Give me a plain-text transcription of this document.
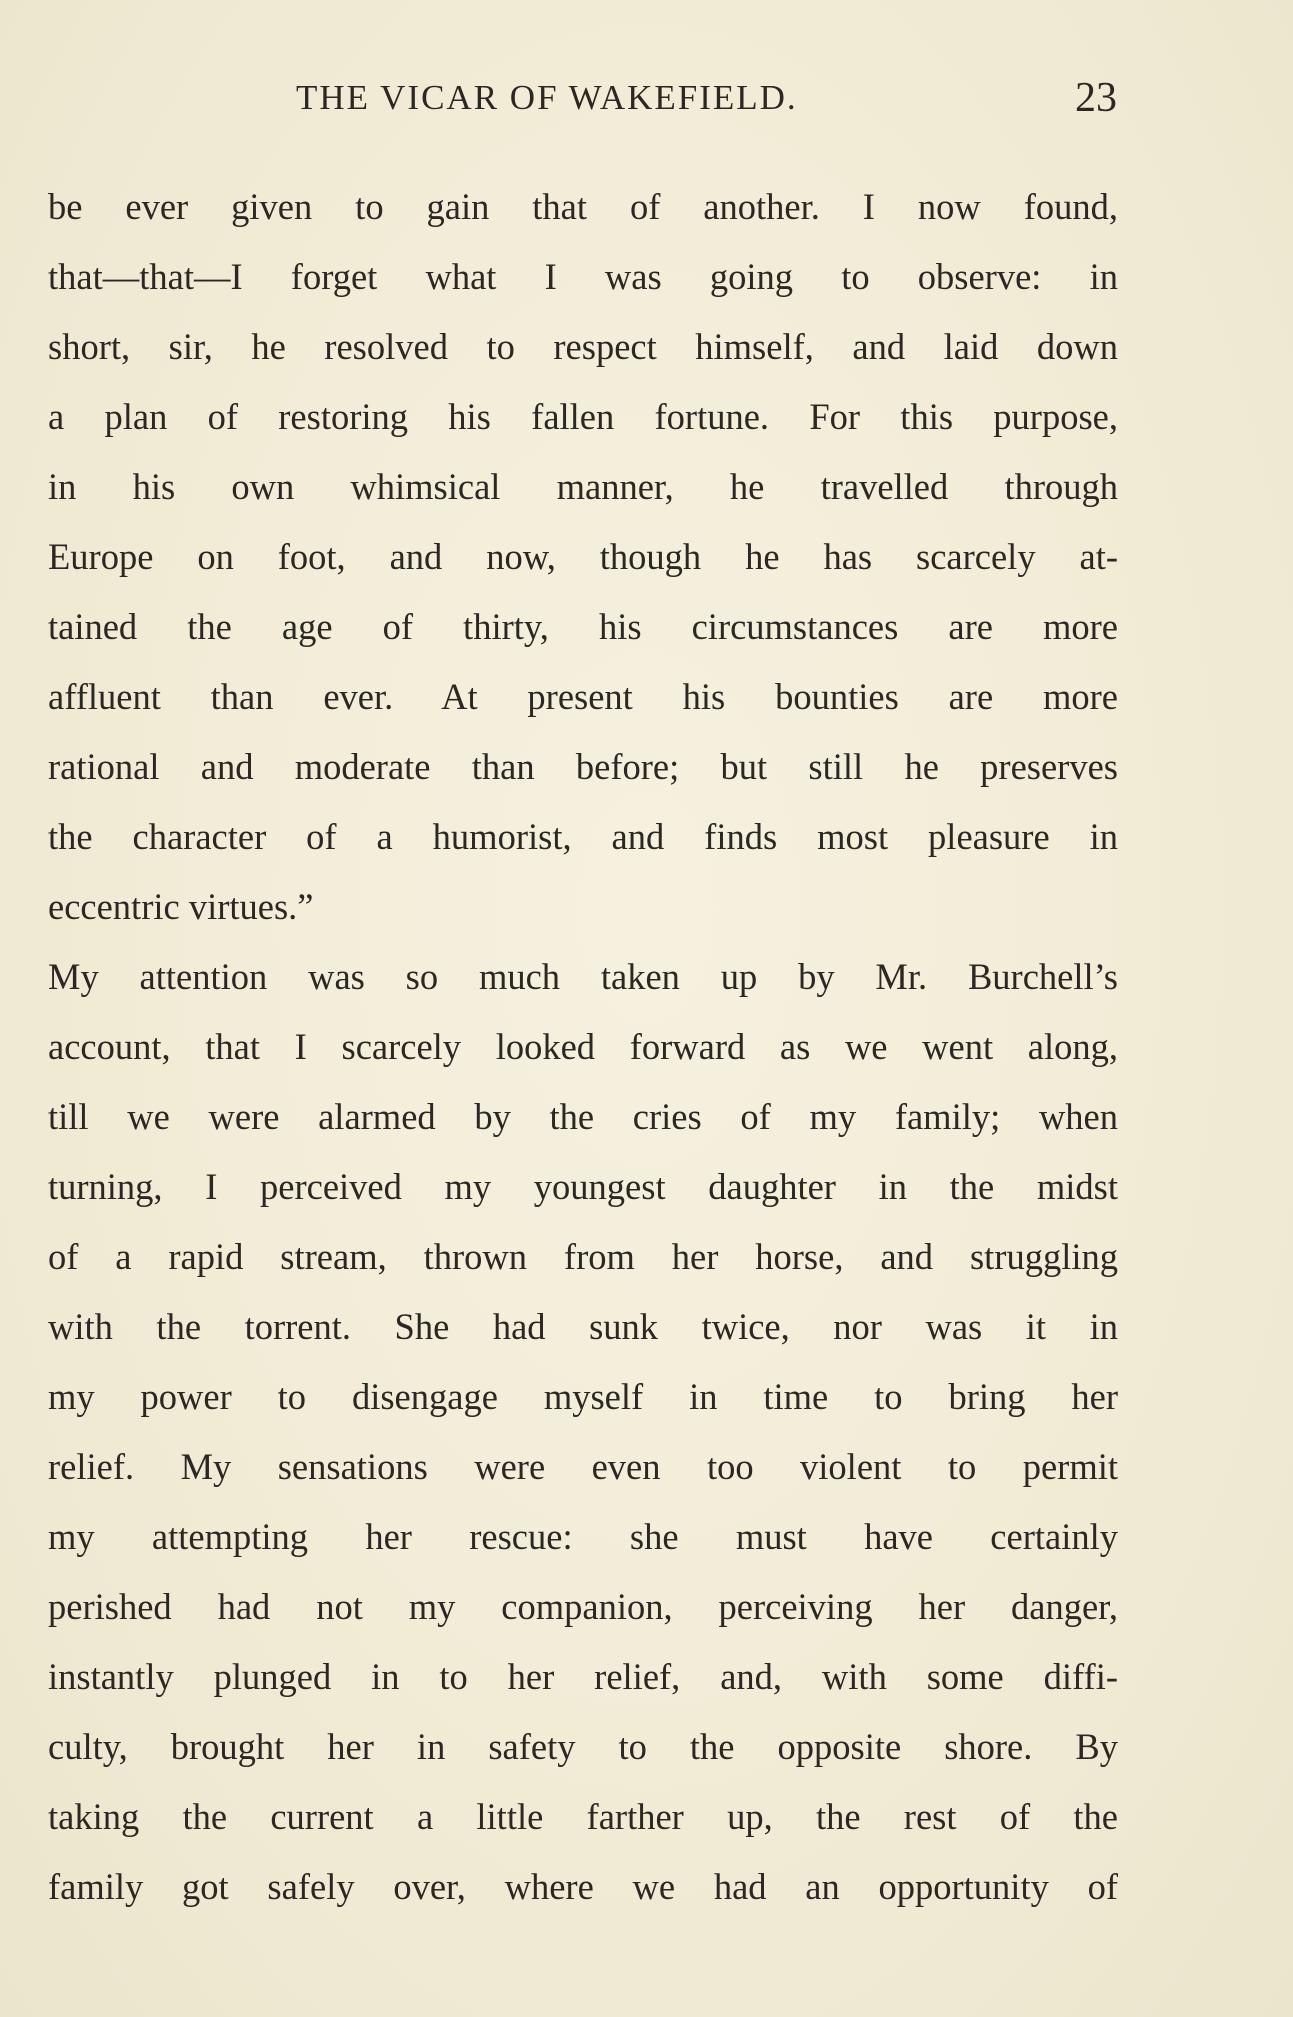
THE VICAR OF WAKEFIELD.	23
be ever given to gain that of another. I now found,
that—that—I forget what I was going to observe: in
short, sir, he resolved to respect himself, and laid down
a plan of restoring his fallen fortune. For this purpose,
in his own whimsical manner, he travelled through
Europe on foot, and now, though he has scarcely at-
tained the age of thirty, his circumstances are more
affluent than ever. At present his bounties are more
rational and moderate than before; but still he preserves
the character of a humorist, and finds most pleasure in
eccentric virtues.”
My attention was so much taken up by Mr. Burchell’s
account, that I scarcely looked forward as we went along,
till we were alarmed by the cries of my family; when
turning, I perceived my youngest daughter in the midst
of a rapid stream, thrown from her horse, and struggling
with the torrent. She had sunk twice, nor was it in
my power to disengage myself in time to bring her
relief. My sensations were even too violent to permit
my attempting her rescue: she must have certainly
perished had not my companion, perceiving her danger,
instantly plunged in to her relief, and, with some diffi-
culty, brought her in safety to the opposite shore. By
taking the current a little farther up, the rest of the
family got safely over, where we had an opportunity of
